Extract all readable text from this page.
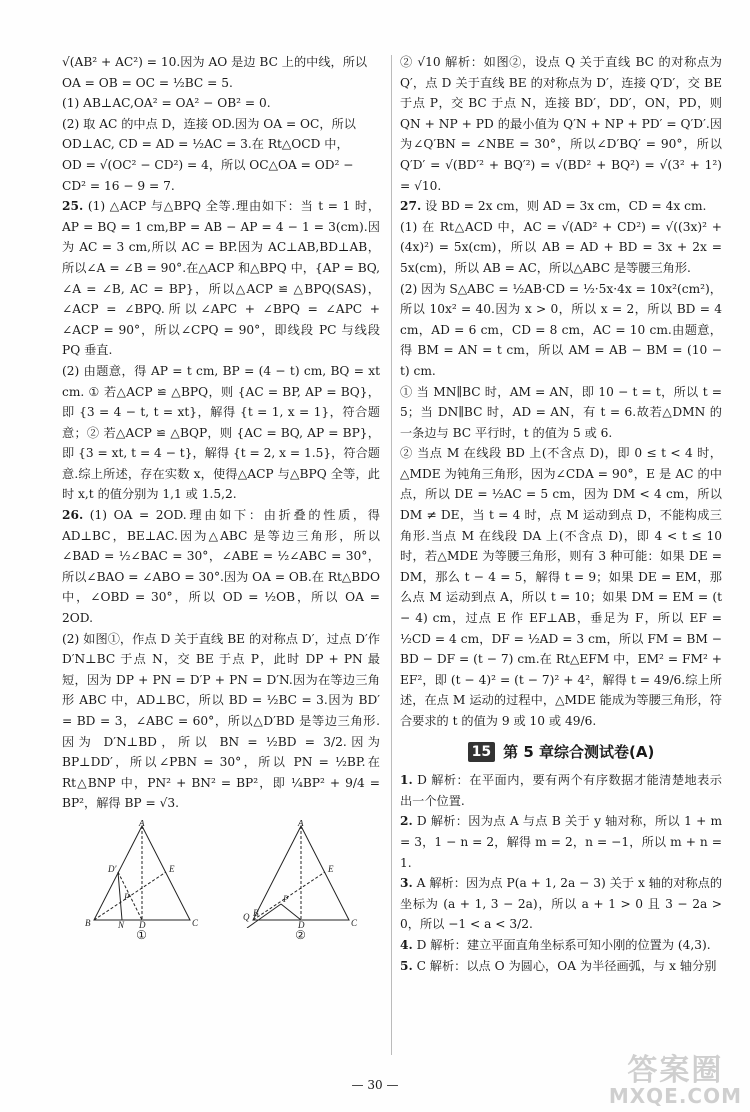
√(AB² + AC²) = 10.因为 AO 是边 BC 上的中线，所以

OA = OB = OC = ½BC = 5.

(1) AB⊥AC,OA² = OA² − OB² = 0.

(2) 取 AC 的中点 D，连接 OD.因为 OA = OC，所以

OD⊥AC, CD = AD = ½AC = 3.在 Rt△OCD 中，

OD = √(OC² − CD²) = 4，所以 OC△OA = OD² −

CD² = 16 − 9 = 7.

25. (1) △ACP 与△BPQ 全等.理由如下：当 t = 1 时，AP = BQ = 1 cm,BP = AB − AP = 4 − 1 = 3(cm).因为 AC = 3 cm,所以 AC = BP.因为 AC⊥AB,BD⊥AB，所以∠A = ∠B = 90°.在△ACP 和△BPQ 中，{AP = BQ, ∠A = ∠B, AC = BP}，所以△ACP ≌ △BPQ(SAS)，∠ACP = ∠BPQ.所以∠APC + ∠BPQ = ∠APC + ∠ACP = 90°，所以∠CPQ = 90°，即线段 PC 与线段 PQ 垂直.

(2) 由题意，得 AP = t cm, BP = (4 − t) cm, BQ = xt cm. ① 若△ACP ≌ △BPQ，则 {AC = BP, AP = BQ}，即 {3 = 4 − t, t = xt}，解得 {t = 1, x = 1}，符合题意；② 若△ACP ≌ △BQP，则 {AC = BQ, AP = BP}，即 {3 = xt, t = 4 − t}，解得 {t = 2, x = 1.5}，符合题意.综上所述，存在实数 x，使得△ACP 与△BPQ 全等，此时 x,t 的值分别为 1,1 或 1.5,2.

26. (1) OA = 2OD.理由如下：由折叠的性质，得 AD⊥BC，BE⊥AC.因为△ABC 是等边三角形，所以∠BAD = ½∠BAC = 30°，∠ABE = ½∠ABC = 30°，所以∠BAO = ∠ABO = 30°.因为 OA = OB.在 Rt△BDO 中，∠OBD = 30°，所以 OD = ½OB，所以 OA = 2OD.

(2) 如图①，作点 D 关于直线 BE 的对称点 D′，过点 D′作 D′N⊥BC 于点 N，交 BE 于点 P，此时 DP + PN 最短，因为 DP + PN = D′P + PN = D′N.因为在等边三角形 ABC 中，AD⊥BC，所以 BD = ½BC = 3.因为 BD′ = BD = 3，∠ABC = 60°，所以△D′BD 是等边三角形.因为 D′N⊥BD，所以 BN = ½BD = 3/2.因为 BP⊥DD′，所以∠PBN = 30°，所以 PN = ½BP.在 Rt△BNP 中，PN² + BN² = BP²，即 ¼BP² + 9/4 = BP²，解得 BP = √3.

A
D′	E
P
B	N D	C
①
A
E
P
Q B
D	C
②

② √10 解析：如图②，设点 Q 关于直线 BC 的对称点为 Q′，点 D 关于直线 BE 的对称点为 D′，连接 Q′D′，交 BE 于点 P，交 BC 于点 N，连接 BD′，DD′，ON，PD，则 QN + NP + PD 的最小值为 Q′N + NP + PD′ = Q′D′.因为∠Q′BN = ∠NBE = 30°，所以∠D′BQ′ = 90°，所以 Q′D′ = √(BD′² + BQ′²) = √(BD² + BQ²) = √(3² + 1²) = √10.

27. 设 BD = 2x cm，则 AD = 3x cm，CD = 4x cm.

(1) 在 Rt△ACD 中，AC = √(AD² + CD²) = √((3x)² + (4x)²) = 5x(cm)，所以 AB = AD + BD = 3x + 2x = 5x(cm)，所以 AB = AC，所以△ABC 是等腰三角形.

(2) 因为 S△ABC = ½AB·CD = ½·5x·4x = 10x²(cm²)，所以 10x² = 40.因为 x > 0，所以 x = 2，所以 BD = 4 cm，AD = 6 cm，CD = 8 cm，AC = 10 cm.由题意，得 BM = AN = t cm，所以 AM = AB − BM = (10 − t) cm.

① 当 MN∥BC 时，AM = AN，即 10 − t = t，所以 t = 5；当 DN∥BC 时，AD = AN，有 t = 6.故若△DMN 的一条边与 BC 平行时，t 的值为 5 或 6.

② 当点 M 在线段 BD 上(不含点 D)，即 0 ≤ t < 4 时，△MDE 为钝角三角形，因为∠CDA = 90°，E 是 AC 的中点，所以 DE = ½AC = 5 cm，因为 DM < 4 cm，所以 DM ≠ DE，当 t = 4 时，点 M 运动到点 D，不能构成三角形.当点 M 在线段 DA 上(不含点 D)，即 4 < t ≤ 10 时，若△MDE 为等腰三角形，则有 3 种可能：如果 DE = DM，那么 t − 4 = 5，解得 t = 9；如果 DE = EM，那么点 M 运动到点 A，所以 t = 10；如果 DM = EM = (t − 4) cm，过点 E 作 EF⊥AB，垂足为 F，所以 EF = ½CD = 4 cm，DF = ½AD = 3 cm，所以 FM = BM − BD − DF = (t − 7) cm.在 Rt△EFM 中，EM² = FM² + EF²，即 (t − 4)² = (t − 7)² + 4²，解得 t = 49/6.综上所述，在点 M 运动的过程中，△MDE 能成为等腰三角形，符合要求的 t 的值为 9 或 10 或 49/6.

15 第 5 章综合测试卷(A)

1. D 解析：在平面内，要有两个有序数据才能清楚地表示出一个位置.

2. D 解析：因为点 A 与点 B 关于 y 轴对称，所以 1 + m = 3，1 − n = 2，解得 m = 2，n = −1，所以 m + n = 1.

3. A 解析：因为点 P(a + 1, 2a − 3) 关于 x 轴的对称点的坐标为 (a + 1, 3 − 2a)，所以 a + 1 > 0 且 3 − 2a > 0，所以 −1 < a < 3/2.

4. D 解析：建立平面直角坐标系可知小刚的位置为 (4,3).

5. C 解析：以点 O 为圆心，OA 为半径画弧，与 x 轴分别

— 30 —	答案圈
MXQE.COM
